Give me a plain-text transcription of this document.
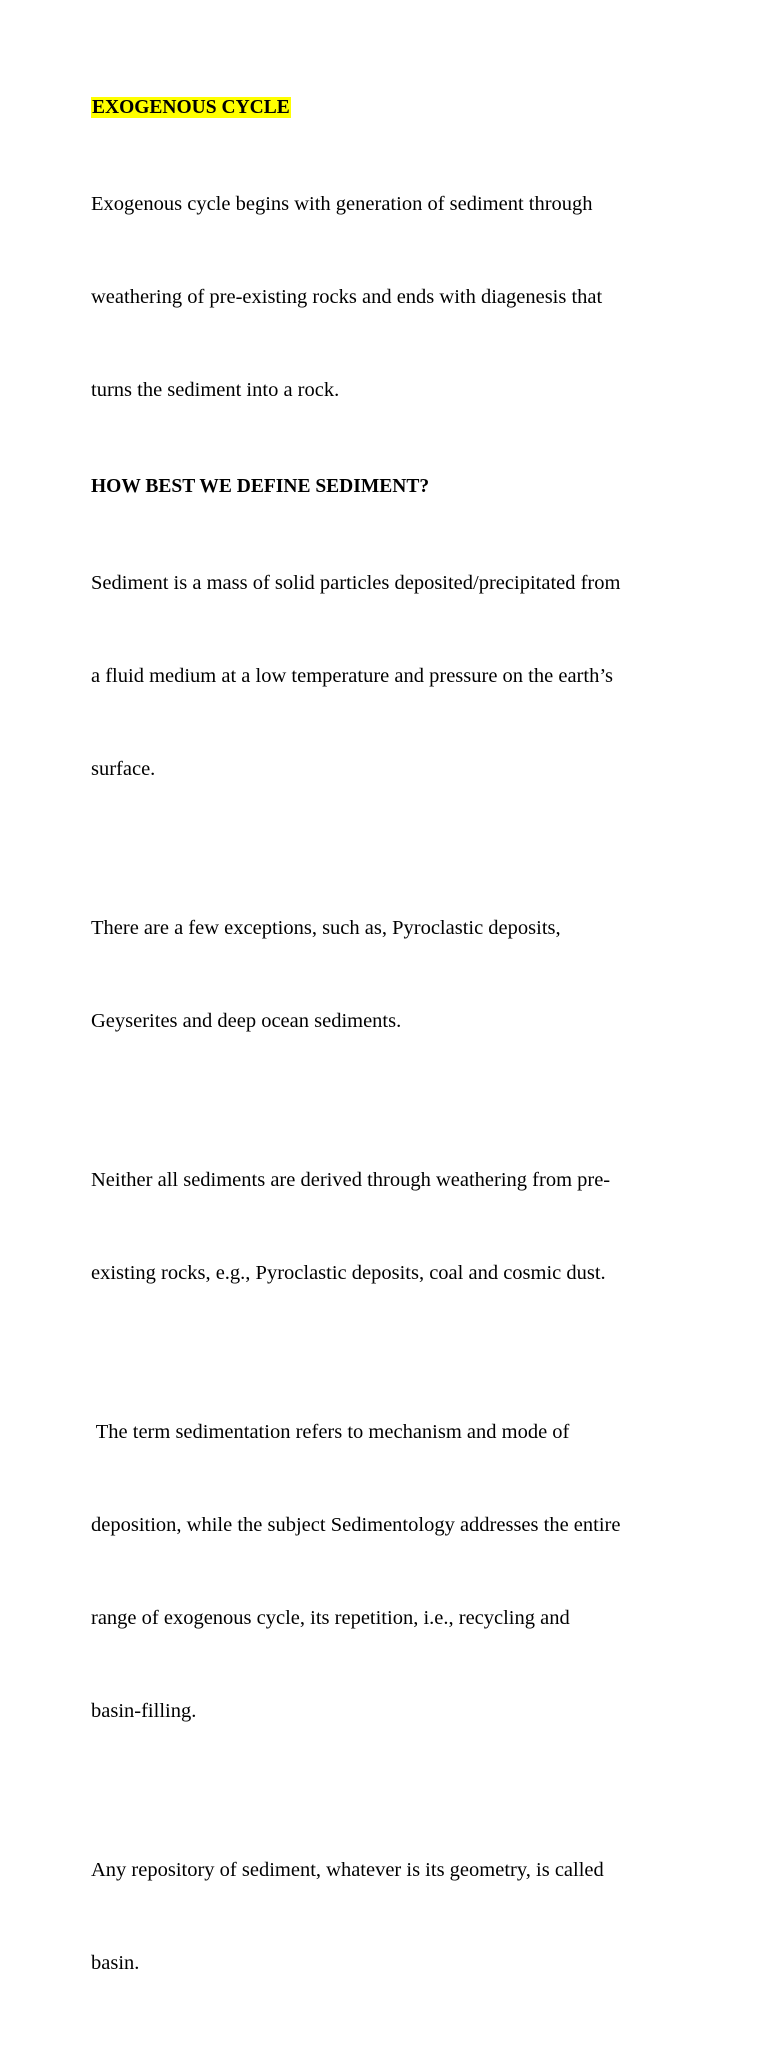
EXOGENOUS CYCLE

Exogenous cycle begins with generation of sediment through

weathering of pre-existing rocks and ends with diagenesis that

turns the sediment into a rock.

HOW BEST WE DEFINE SEDIMENT?

Sediment is a mass of solid particles deposited/precipitated from

a fluid medium at a low temperature and pressure on the earth’s

surface.

There are a few exceptions, such as, Pyroclastic deposits,

Geyserites and deep ocean sediments.

Neither all sediments are derived through weathering from pre-

existing rocks, e.g., Pyroclastic deposits, coal and cosmic dust.

The term sedimentation refers to mechanism and mode of

deposition, while the subject Sedimentology addresses the entire

range of exogenous cycle, its repetition, i.e., recycling and

basin-filling.

Any repository of sediment, whatever is its geometry, is called

basin.
